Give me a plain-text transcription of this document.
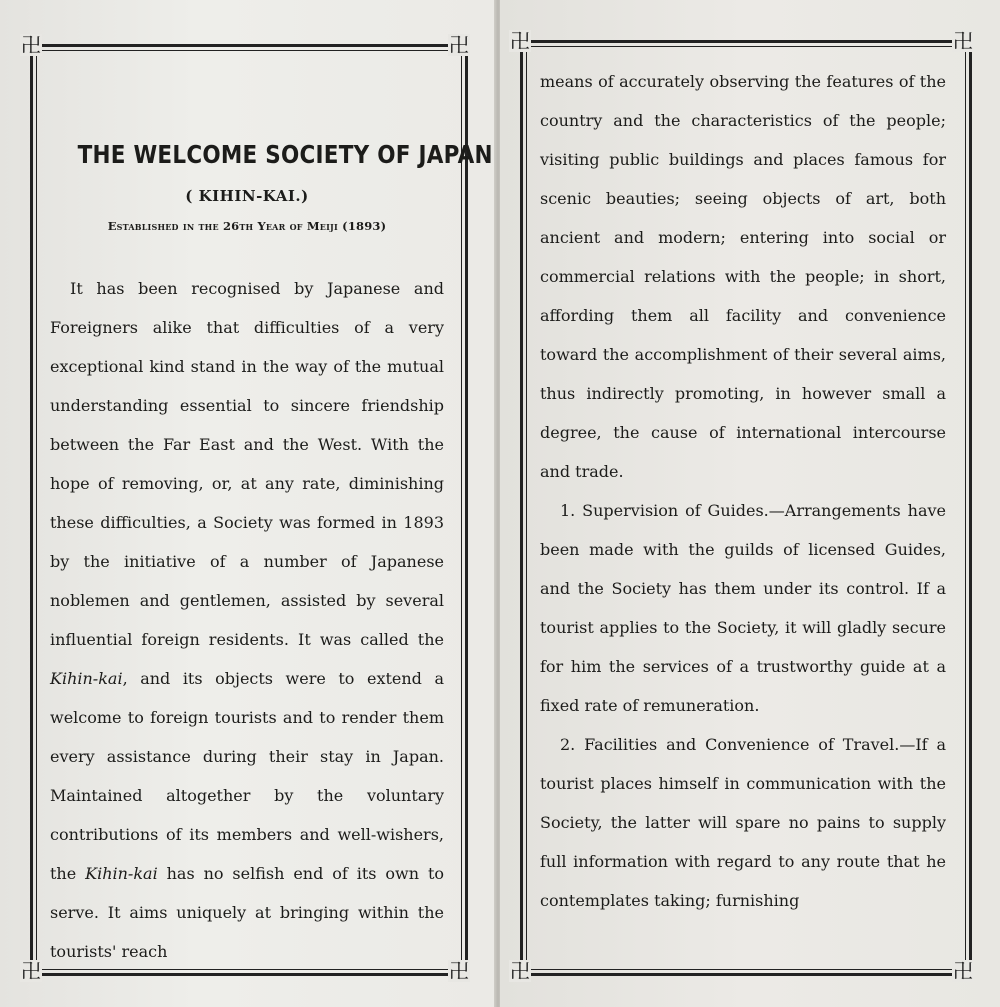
卍	卍
卍	卍
THE WELCOME SOCIETY OF JAPAN
( KIHIN-KAI.)
Established in the 26th Year of Meiji (1893)

It has been recognised by Japanese and Foreigners alike that difficulties of a very exceptional kind stand in the way of the mutual understanding essential to sincere friendship between the Far East and the West. With the hope of removing, or, at any rate, diminishing these difficulties, a Society was formed in 1893 by the initiative of a number of Japanese noblemen and gentlemen, assisted by several influential foreign residents. It was called the Kihin-kai, and its objects were to extend a welcome to foreign tourists and to render them every assistance during their stay in Japan. Maintained altogether by the voluntary contributions of its members and well-wishers, the Kihin-kai has no selfish end of its own to serve. It aims uniquely at bringing within the tourists' reach

卍	卍
卍	卍

means of accurately observing the features of the country and the characteristics of the people; visiting public buildings and places famous for scenic beauties; seeing objects of art, both ancient and modern; entering into social or commercial relations with the people; in short, affording them all facility and convenience toward the accomplishment of their several aims, thus indirectly promoting, in however small a degree, the cause of international intercourse and trade.

1. Supervision of Guides.—Arrangements have been made with the guilds of licensed Guides, and the Society has them under its control. If a tourist applies to the Society, it will gladly secure for him the services of a trustworthy guide at a fixed rate of remuneration.

2. Facilities and Convenience of Travel.—If a tourist places himself in communication with the Society, the latter will spare no pains to supply full information with regard to any route that he contemplates taking; furnishing
